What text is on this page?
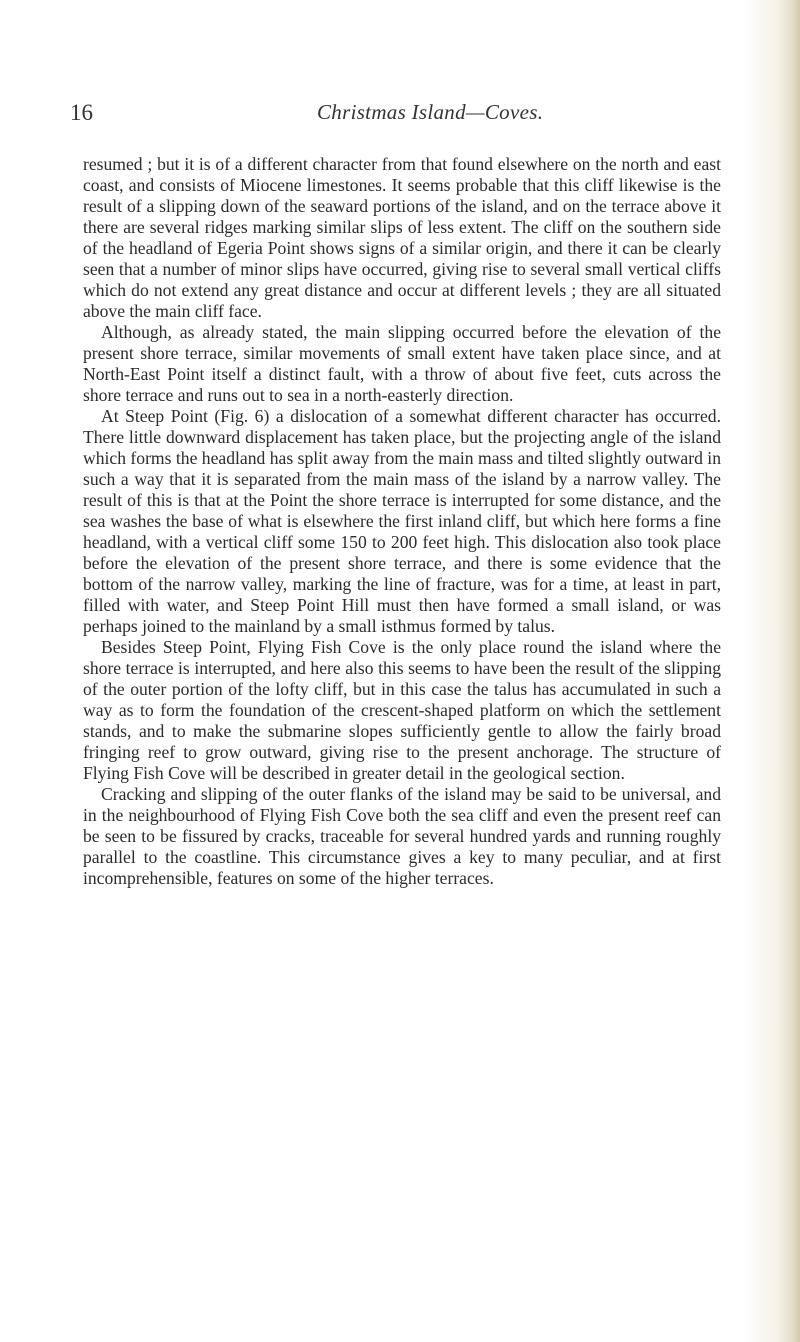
16	Christmas Island—Coves.

resumed ; but it is of a different character from that found elsewhere on the north and east coast, and consists of Miocene limestones. It seems probable that this cliff likewise is the result of a slipping down of the seaward portions of the island, and on the terrace above it there are several ridges marking similar slips of less extent. The cliff on the southern side of the headland of Egeria Point shows signs of a similar origin, and there it can be clearly seen that a number of minor slips have occurred, giving rise to several small vertical cliffs which do not extend any great distance and occur at different levels ; they are all situated above the main cliff face.

Although, as already stated, the main slipping occurred before the elevation of the present shore terrace, similar movements of small extent have taken place since, and at North-East Point itself a distinct fault, with a throw of about five feet, cuts across the shore terrace and runs out to sea in a north-easterly direction.

At Steep Point (Fig. 6) a dislocation of a somewhat different character has occurred. There little downward displacement has taken place, but the projecting angle of the island which forms the headland has split away from the main mass and tilted slightly outward in such a way that it is separated from the main mass of the island by a narrow valley. The result of this is that at the Point the shore terrace is interrupted for some distance, and the sea washes the base of what is elsewhere the first inland cliff, but which here forms a fine headland, with a vertical cliff some 150 to 200 feet high. This dislocation also took place before the elevation of the present shore terrace, and there is some evidence that the bottom of the narrow valley, marking the line of fracture, was for a time, at least in part, filled with water, and Steep Point Hill must then have formed a small island, or was perhaps joined to the mainland by a small isthmus formed by talus.

Besides Steep Point, Flying Fish Cove is the only place round the island where the shore terrace is interrupted, and here also this seems to have been the result of the slipping of the outer portion of the lofty cliff, but in this case the talus has accumulated in such a way as to form the foundation of the crescent-shaped platform on which the settlement stands, and to make the submarine slopes sufficiently gentle to allow the fairly broad fringing reef to grow outward, giving rise to the present anchorage. The structure of Flying Fish Cove will be described in greater detail in the geological section.

Cracking and slipping of the outer flanks of the island may be said to be universal, and in the neighbourhood of Flying Fish Cove both the sea cliff and even the present reef can be seen to be fissured by cracks, traceable for several hundred yards and running roughly parallel to the coastline. This circumstance gives a key to many peculiar, and at first incomprehensible, features on some of the higher terraces.
